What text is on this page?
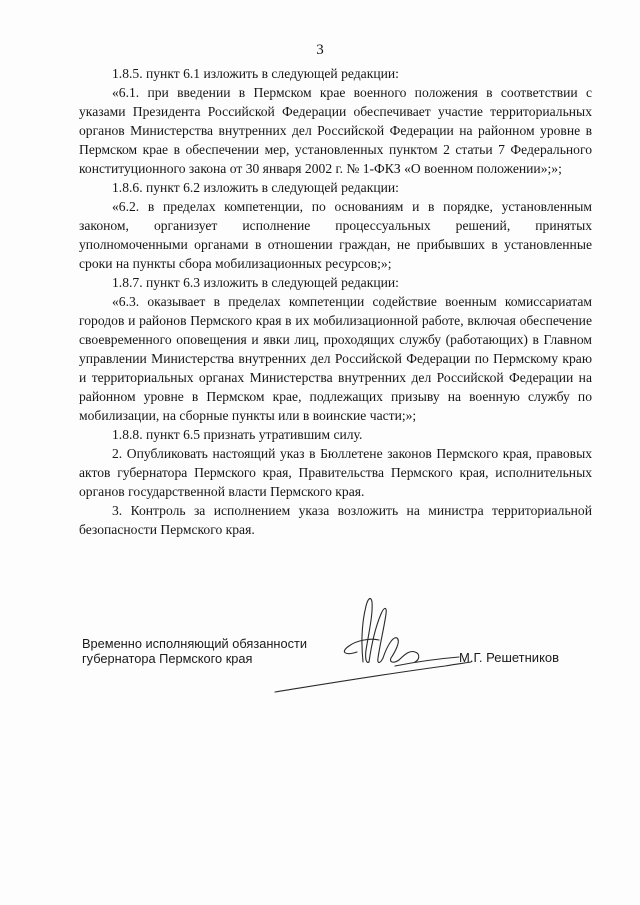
3

1.8.5. пункт 6.1 изложить в следующей редакции:

«6.1. при введении в Пермском крае военного положения в соответствии с указами Президента Российской Федерации обеспечивает участие территориальных органов Министерства внутренних дел Российской Федерации на районном уровне в Пермском крае в обеспечении мер, установленных пунктом 2 статьи 7 Федерального конституционного закона от 30 января 2002 г. № 1-ФКЗ «О военном положении»;»;

1.8.6. пункт 6.2 изложить в следующей редакции:

«6.2. в пределах компетенции, по основаниям и в порядке, установленным законом, организует исполнение процессуальных решений, принятых уполномоченными органами в отношении граждан, не прибывших в установленные сроки на пункты сбора мобилизационных ресурсов;»;

1.8.7. пункт 6.3 изложить в следующей редакции:

«6.3. оказывает в пределах компетенции содействие военным комиссариатам городов и районов Пермского края в их мобилизационной работе, включая обеспечение своевременного оповещения и явки лиц, проходящих службу (работающих) в Главном управлении Министерства внутренних дел Российской Федерации по Пермскому краю и территориальных органах Министерства внутренних дел Российской Федерации на районном уровне в Пермском крае, подлежащих призыву на военную службу по мобилизации, на сборные пункты или в воинские части;»;

1.8.8. пункт 6.5 признать утратившим силу.

2. Опубликовать настоящий указ в Бюллетене законов Пермского края, правовых актов губернатора Пермского края, Правительства Пермского края, исполнительных органов государственной власти Пермского края.

3. Контроль за исполнением указа возложить на министра территориальной безопасности Пермского края.

Временно исполняющий обязанности
губернатора Пермского края	М.Г. Решетников
